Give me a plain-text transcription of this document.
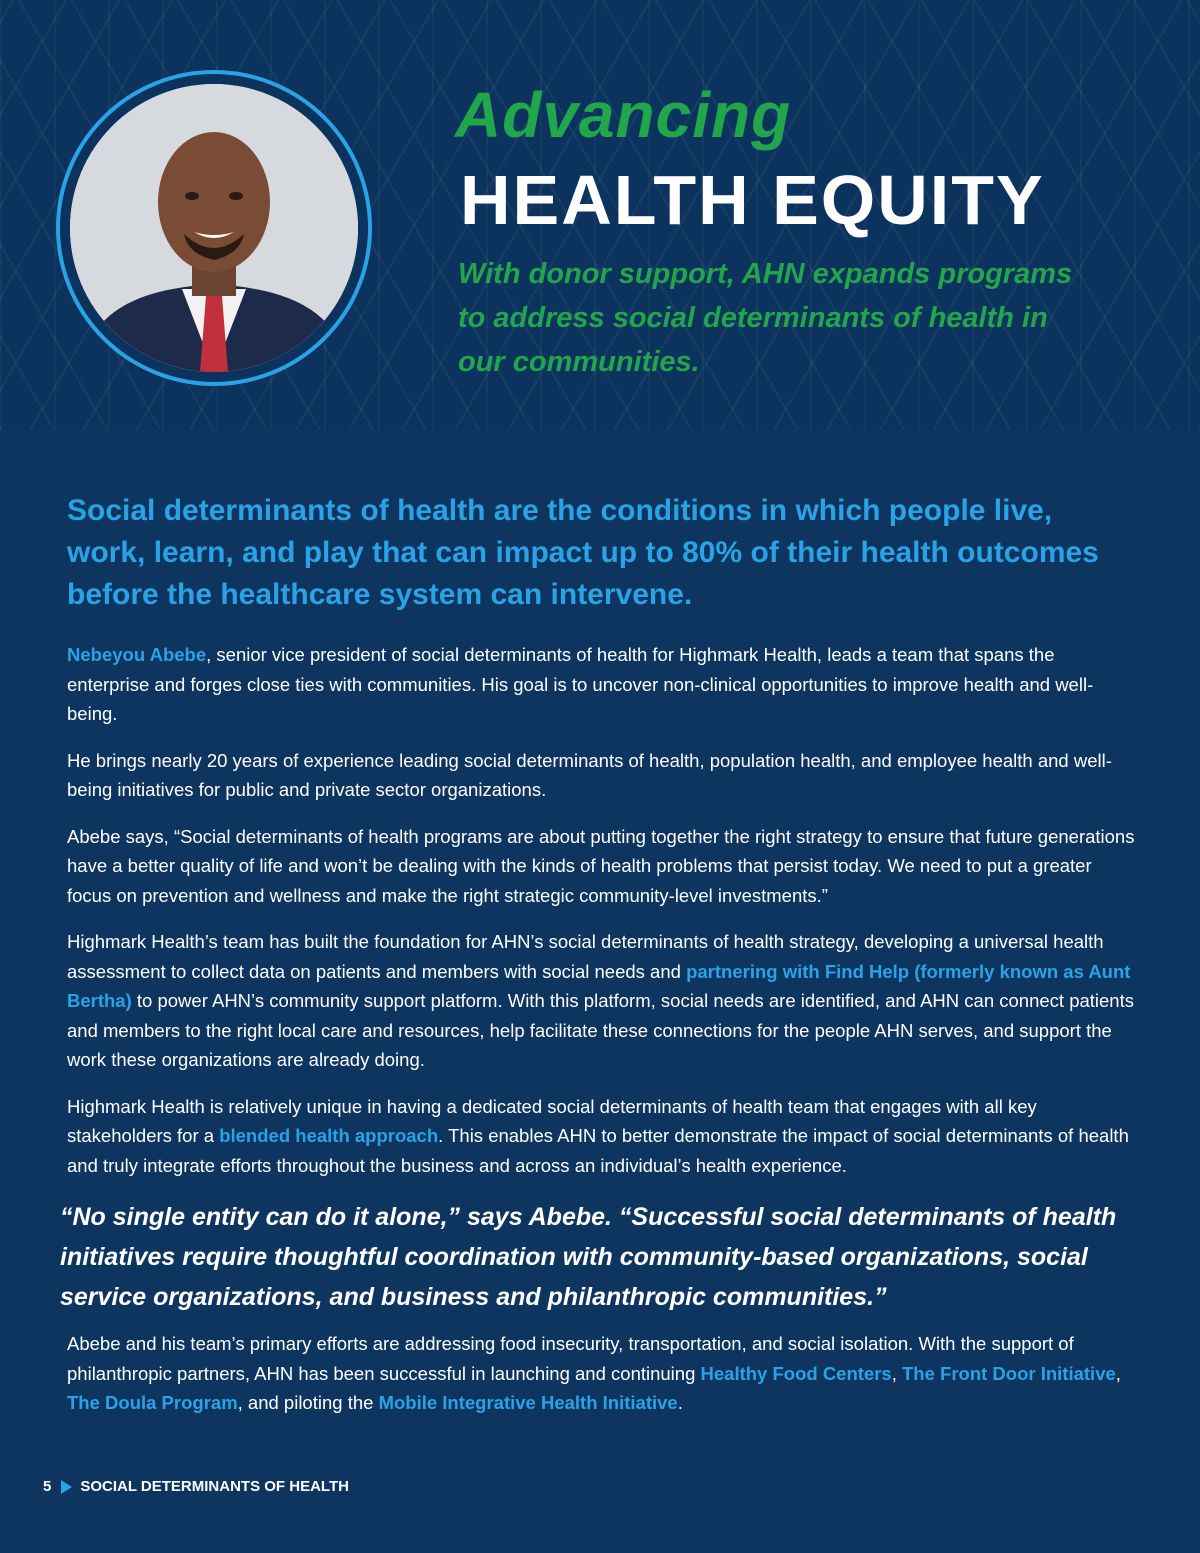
Advancing
HEALTH EQUITY

With donor support, AHN expands programs to address social determinants of health in our communities.

Social determinants of health are the conditions in which people live, work, learn, and play that can impact up to 80% of their health outcomes before the healthcare system can intervene.

Nebeyou Abebe, senior vice president of social determinants of health for Highmark Health, leads a team that spans the enterprise and forges close ties with communities. His goal is to uncover non-clinical opportunities to improve health and well-being.

He brings nearly 20 years of experience leading social determinants of health, population health, and employee health and well-being initiatives for public and private sector organizations.

Abebe says, “Social determinants of health programs are about putting together the right strategy to ensure that future generations have a better quality of life and won’t be dealing with the kinds of health problems that persist today. We need to put a greater focus on prevention and wellness and make the right strategic community-level investments.”

Highmark Health’s team has built the foundation for AHN’s social determinants of health strategy, developing a universal health assessment to collect data on patients and members with social needs and partnering with Find Help (formerly known as Aunt Bertha) to power AHN’s community support platform. With this platform, social needs are identified, and AHN can connect patients and members to the right local care and resources, help facilitate these connections for the people AHN serves, and support the work these organizations are already doing.

Highmark Health is relatively unique in having a dedicated social determinants of health team that engages with all key stakeholders for a blended health approach. This enables AHN to better demonstrate the impact of social determinants of health and truly integrate efforts throughout the business and across an individual’s health experience.

“No single entity can do it alone,” says Abebe. “Successful social determinants of health initiatives require thoughtful coordination with community-based organizations, social service organizations, and business and philanthropic communities.”

Abebe and his team’s primary efforts are addressing food insecurity, transportation, and social isolation. With the support of philanthropic partners, AHN has been successful in launching and continuing Healthy Food Centers, The Front Door Initiative, The Doula Program, and piloting the Mobile Integrative Health Initiative.

5 SOCIAL DETERMINANTS OF HEALTH
